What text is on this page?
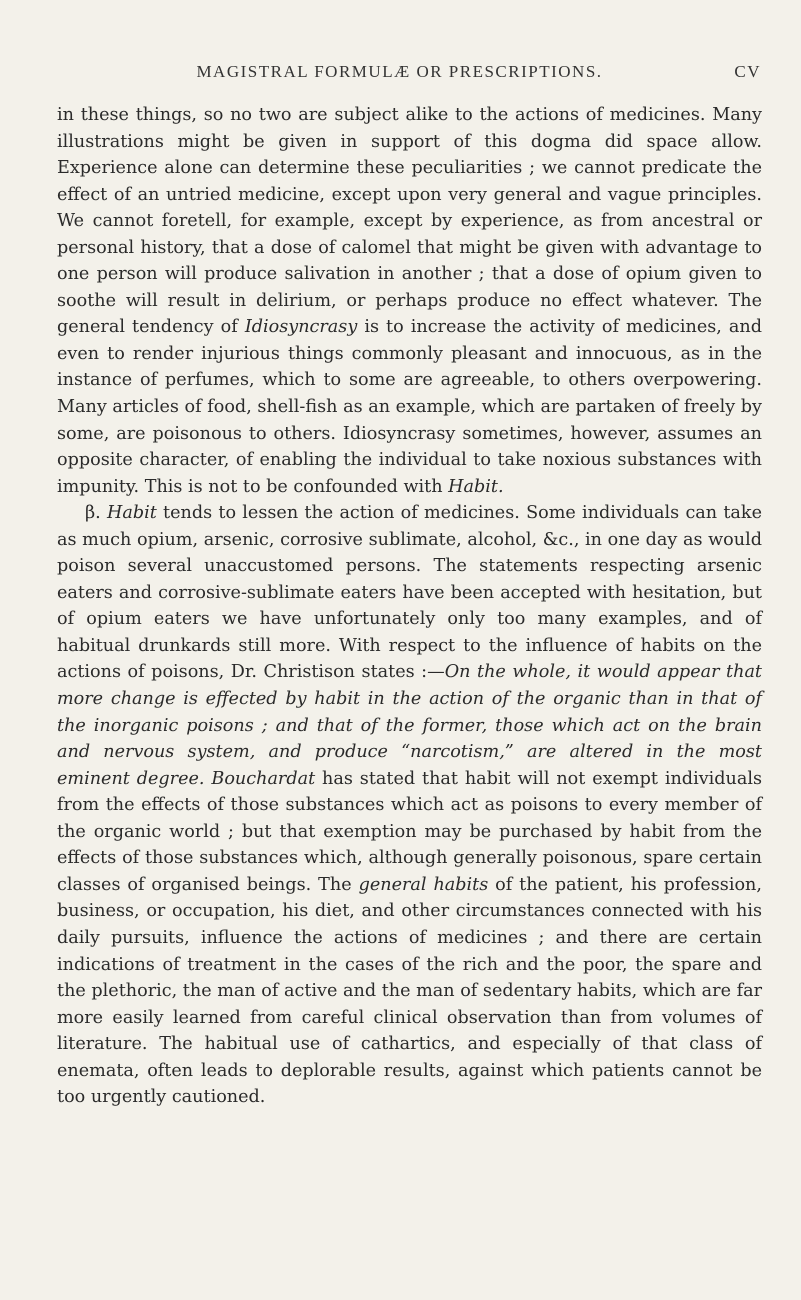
MAGISTRAL FORMULÆ OR PRESCRIPTIONS.	CV

in these things, so no two are subject alike to the actions of medicines. Many illustrations might be given in support of this dogma did space allow. Experience alone can determine these peculiarities ; we cannot predicate the effect of an untried medicine, except upon very general and vague principles. We cannot foretell, for example, except by experience, as from ancestral or personal history, that a dose of calomel that might be given with advantage to one person will produce salivation in another ; that a dose of opium given to soothe will result in delirium, or perhaps produce no effect whatever. The general tendency of Idiosyncrasy is to increase the activity of medicines, and even to render injurious things commonly pleasant and innocuous, as in the instance of perfumes, which to some are agreeable, to others overpowering. Many articles of food, shell-fish as an example, which are partaken of freely by some, are poisonous to others. Idiosyncrasy sometimes, however, assumes an opposite character, of enabling the individual to take noxious substances with impunity. This is not to be confounded with Habit.

β. Habit tends to lessen the action of medicines. Some individuals can take as much opium, arsenic, corrosive sublimate, alcohol, &c., in one day as would poison several unaccustomed persons. The statements respecting arsenic eaters and corrosive-sublimate eaters have been accepted with hesitation, but of opium eaters we have unfortunately only too many examples, and of habitual drunkards still more. With respect to the influence of habits on the actions of poisons, Dr. Christison states :—On the whole, it would appear that more change is effected by habit in the action of the organic than in that of the inorganic poisons ; and that of the former, those which act on the brain and nervous system, and produce “narcotism,” are altered in the most eminent degree. Bouchardat has stated that habit will not exempt individuals from the effects of those substances which act as poisons to every member of the organic world ; but that exemption may be purchased by habit from the effects of those substances which, although generally poisonous, spare certain classes of organised beings. The general habits of the patient, his profession, business, or occupation, his diet, and other circumstances connected with his daily pursuits, influence the actions of medicines ; and there are certain indications of treatment in the cases of the rich and the poor, the spare and the plethoric, the man of active and the man of sedentary habits, which are far more easily learned from careful clinical observation than from volumes of literature. The habitual use of cathartics, and especially of that class of enemata, often leads to deplorable results, against which patients cannot be too urgently cautioned.
